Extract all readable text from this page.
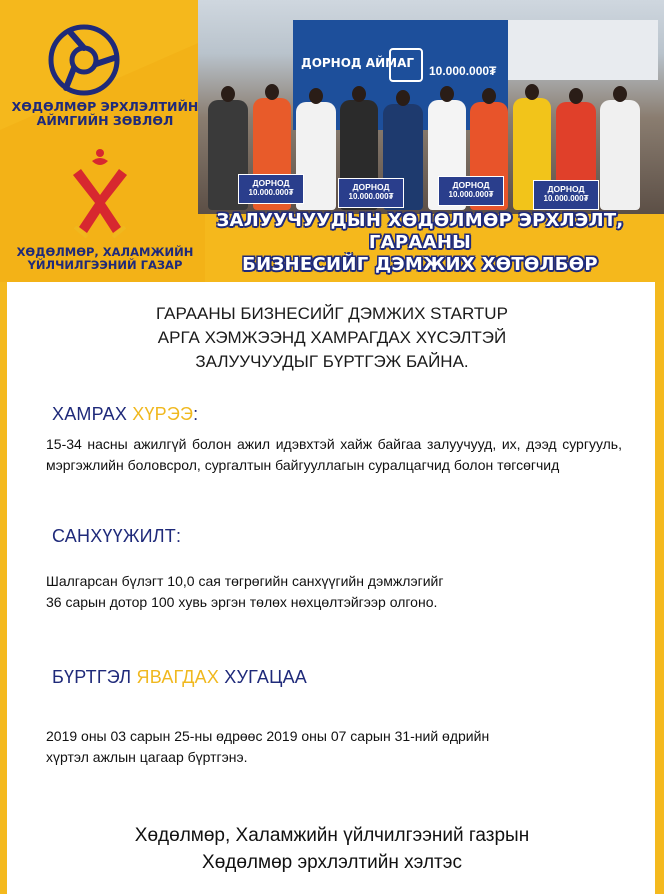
ХӨДӨЛМӨР ЭРХЛЭЛТИЙН
АЙМГИЙН ЗӨВЛӨЛ
ХӨДӨЛМӨР, ХАЛАМЖИЙН
ҮЙЛЧИЛГЭЭНИЙ ГАЗАР
ДОРНОД АЙМАГ
10.000.000₮
ДОРНОД
10.000.000₮
ДОРНОД
10.000.000₮
ДОРНОД
10.000.000₮
ДОРНОД
10.000.000₮
ЗАЛУУЧУУДЫН ХӨДӨЛМӨР ЭРХЛЭЛТ, ГАРААНЫ
БИЗНЕСИЙГ ДЭМЖИХ ХӨТӨЛБӨР
ГАРААНЫ БИЗНЕСИЙГ ДЭМЖИХ STARTUP
АРГА ХЭМЖЭЭНД ХАМРАГДАХ ХҮСЭЛТЭЙ
ЗАЛУУЧУУДЫГ БҮРТГЭЖ БАЙНА.
ХАМРАХ ХҮРЭЭ:
15-34 насны ажилгүй болон ажил идэвхтэй хайж байгаа залуучууд, их, дээд сургууль, мэргэжлийн боловсрол, сургалтын байгууллагын суралцагчид болон төгсөгчид
САНХҮҮЖИЛТ:
Шалгарсан бүлэгт 10,0 сая төгрөгийн санхүүгийн дэмжлэгийг
36 сарын дотор 100 хувь эргэн төлөх нөхцөлтэйгээр олгоно.
БҮРТГЭЛ ЯВАГДАХ ХУГАЦАА
2019 оны 03 сарын 25-ны өдрөөс 2019 оны 07 сарын 31-ний өдрийн
хүртэл ажлын цагаар бүртгэнэ.
Хөдөлмөр, Халамжийн үйлчилгээний газрын
Хөдөлмөр эрхлэлтийн хэлтэс
